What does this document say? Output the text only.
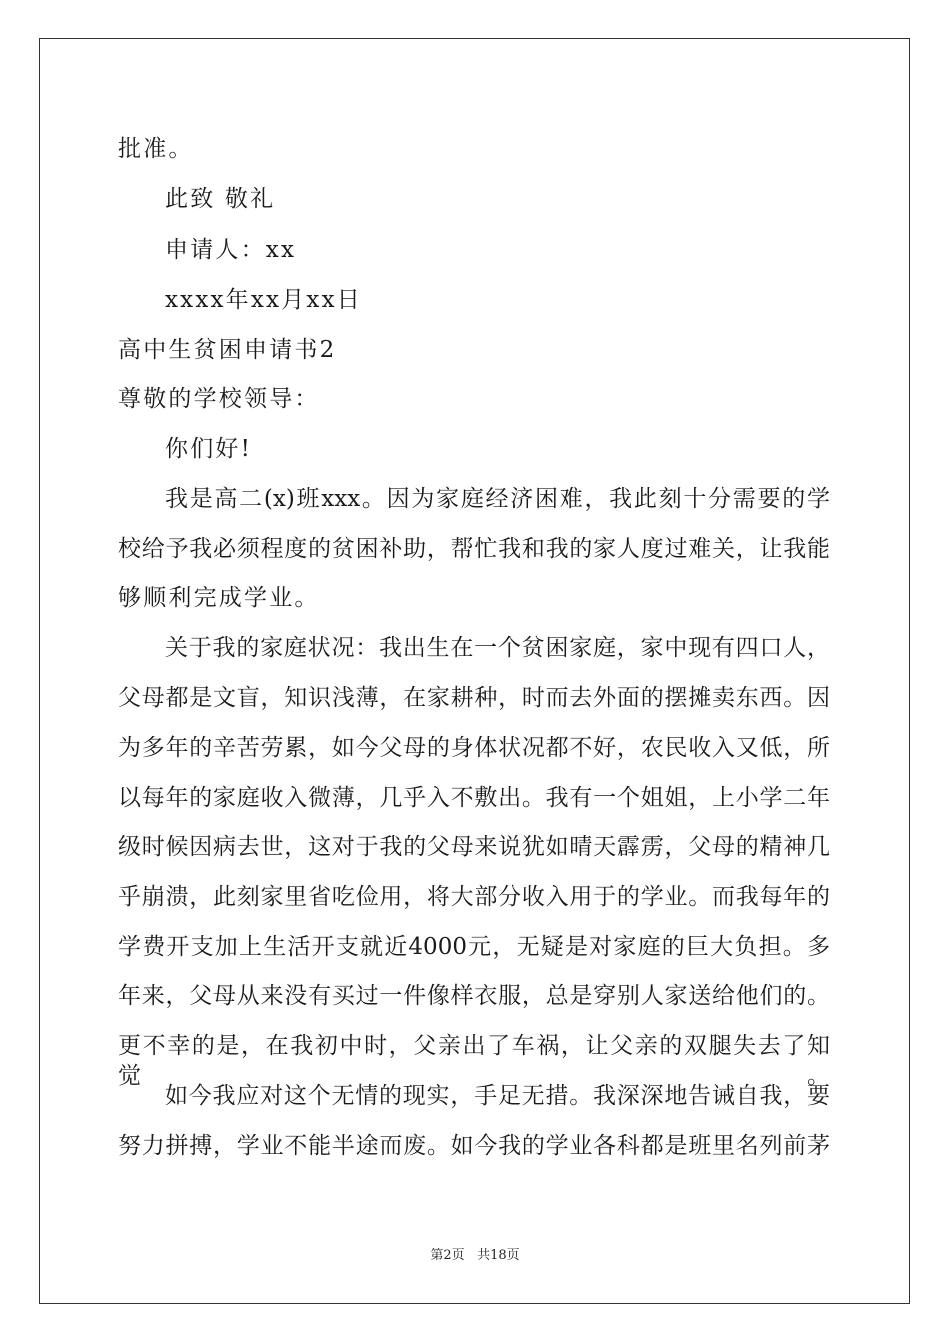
批准。
此致 敬礼
申请人：xx
xxxx年xx月xx日
高中生贫困申请书2
尊敬的学校领导：
你们好!
我是高二(x)班xxx。因为家庭经济困难，我此刻十分需要的学
校给予我必须程度的贫困补助，帮忙我和我的家人度过难关，让我能
够顺利完成学业。
关于我的家庭状况：我出生在一个贫困家庭，家中现有四口人，
父母都是文盲，知识浅薄，在家耕种，时而去外面的摆摊卖东西。因
为多年的辛苦劳累，如今父母的身体状况都不好，农民收入又低，所
以每年的家庭收入微薄，几乎入不敷出。我有一个姐姐，上小学二年
级时候因病去世，这对于我的父母来说犹如晴天霹雳，父母的精神几
乎崩溃，此刻家里省吃俭用，将大部分收入用于的学业。而我每年的
学费开支加上生活开支就近4000元，无疑是对家庭的巨大负担。多
年来，父母从来没有买过一件像样衣服，总是穿别人家送给他们的。
更不幸的是，在我初中时，父亲出了车祸，让父亲的双腿失去了知觉。
如今我应对这个无情的现实，手足无措。我深深地告诫自我，要
努力拼搏，学业不能半途而废。如今我的学业各科都是班里名列前茅
第2页 共18页
